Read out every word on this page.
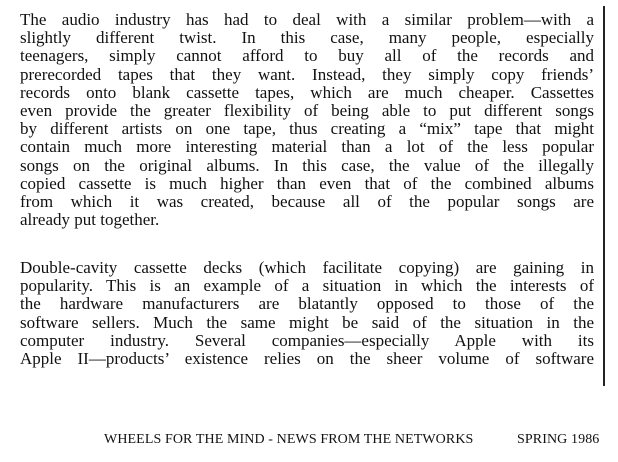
The audio industry has had to deal with a similar problem—with a
slightly different twist. In this case, many people, especially
teenagers, simply cannot afford to buy all of the records and
prerecorded tapes that they want. Instead, they simply copy friends’
records onto blank cassette tapes, which are much cheaper. Cassettes
even provide the greater flexibility of being able to put different songs
by different artists on one tape, thus creating a “mix” tape that might
contain much more interesting material than a lot of the less popular
songs on the original albums. In this case, the value of the illegally
copied cassette is much higher than even that of the combined albums
from which it was created, because all of the popular songs are
already put together.
Double-cavity cassette decks (which facilitate copying) are gaining in
popularity. This is an example of a situation in which the interests of
the hardware manufacturers are blatantly opposed to those of the
software sellers. Much the same might be said of the situation in the
computer industry. Several companies—especially Apple with its
Apple II—products’ existence relies on the sheer volume of software
WHEELS FOR THE MIND - NEWS FROM THE NETWORKS	SPRING 1986
